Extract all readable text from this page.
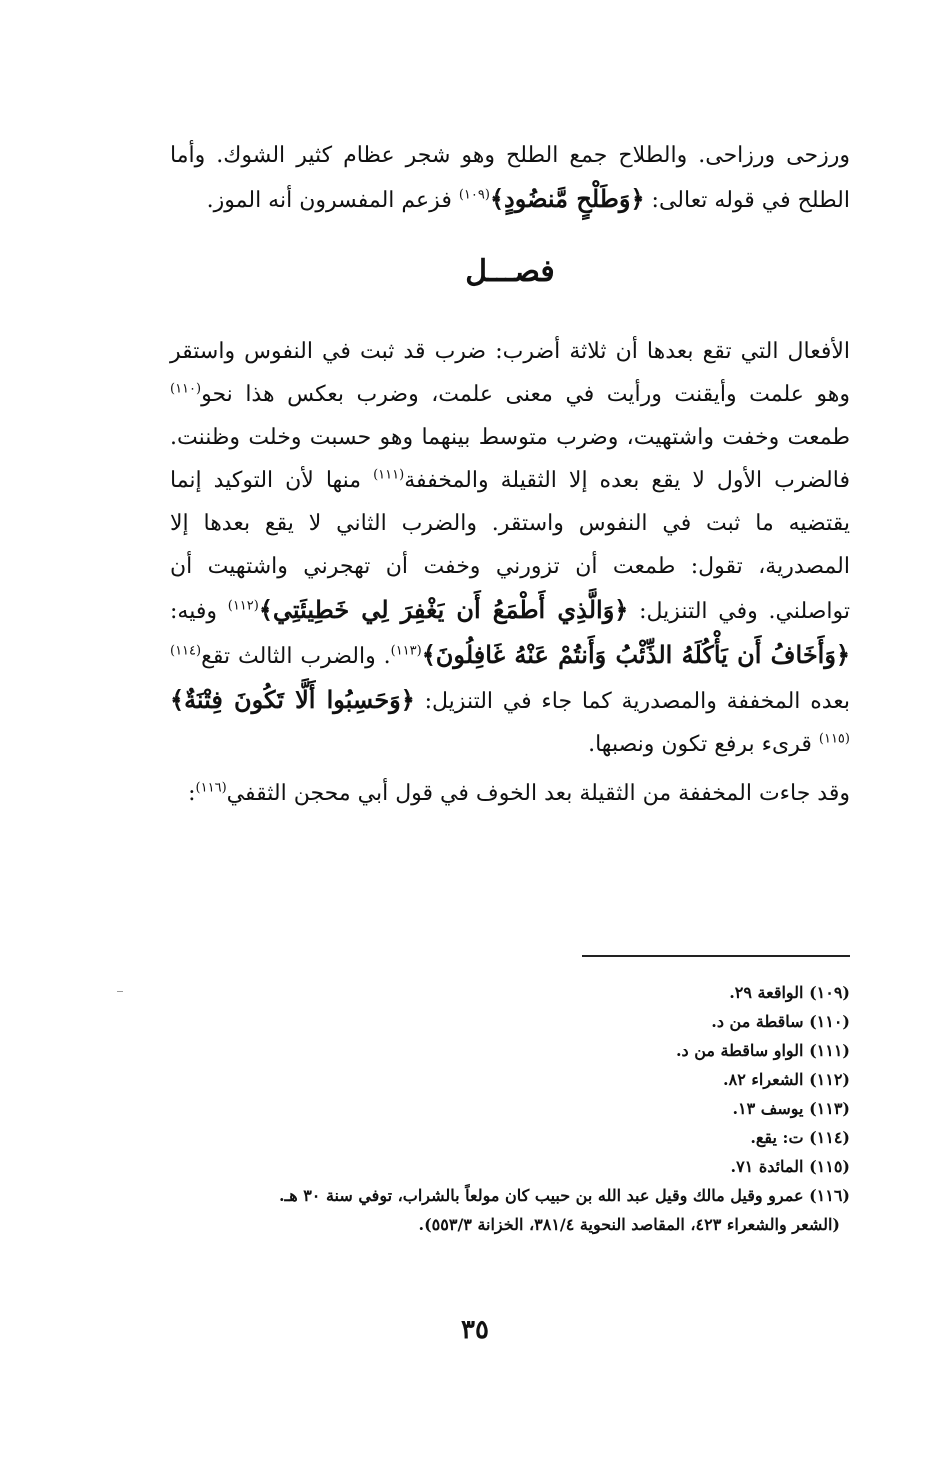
ورزحى ورزاحى. والطلاح جمع الطلح وهو شجر عظام كثير الشوك. وأما الطلح في قوله تعالى: ﴿وَطَلْحٍ مَّنضُودٍ﴾$^{(١٠٩)}$ فزعم المفسرون أنه الموز.

فصـــل

الأفعال التي تقع بعدها أن ثلاثة أضرب: ضرب قد ثبت في النفوس واستقر وهو علمت وأيقنت ورأيت في معنى علمت، وضرب بعكس هذا نحو$^{(١١٠)}$ طمعت وخفت واشتهيت، وضرب متوسط بينهما وهو حسبت وخلت وظننت. فالضرب الأول لا يقع بعده إلا الثقيلة والمخففة$^{(١١١)}$ منها لأن التوكيد إنما يقتضيه ما ثبت في النفوس واستقر. والضرب الثاني لا يقع بعدها إلا المصدرية، تقول: طمعت أن تزورني وخفت أن تهجرني واشتهيت أن تواصلني. وفي التنزيل: ﴿وَالَّذِي أَطْمَعُ أَن يَغْفِرَ لِي خَطِيئَتِي﴾$^{(١١٢)}$ وفيه: ﴿وَأَخَافُ أَن يَأْكُلَهُ الذِّئْبُ وَأَنتُمْ عَنْهُ غَافِلُونَ﴾$^{(١١٣)}$. والضرب الثالث تقع$^{(١١٤)}$ بعده المخففة والمصدرية كما جاء في التنزيل: ﴿وَحَسِبُوا أَلَّا تَكُونَ فِتْنَةٌ﴾$^{(١١٥)}$ قرىء برفع تكون ونصبها.

وقد جاءت المخففة من الثقيلة بعد الخوف في قول أبي محجن الثقفي$^{(١١٦)}$:

(١٠٩) الواقعة ٢٩.

(١١٠) ساقطة من د.

(١١١) الواو ساقطة من د.

(١١٢) الشعراء ٨٢.

(١١٣) يوسف ١٣.

(١١٤) ت: يقع.

(١١٥) المائدة ٧١.

(١١٦) عمرو وقيل مالك وقيل عبد الله بن حبيب كان مولعاً بالشراب، توفي سنة ٣٠ هـ.

(الشعر والشعراء ٤٢٣، المقاصد النحوية ٣٨١/٤، الخزانة ٥٥٣/٣).

٣٥
